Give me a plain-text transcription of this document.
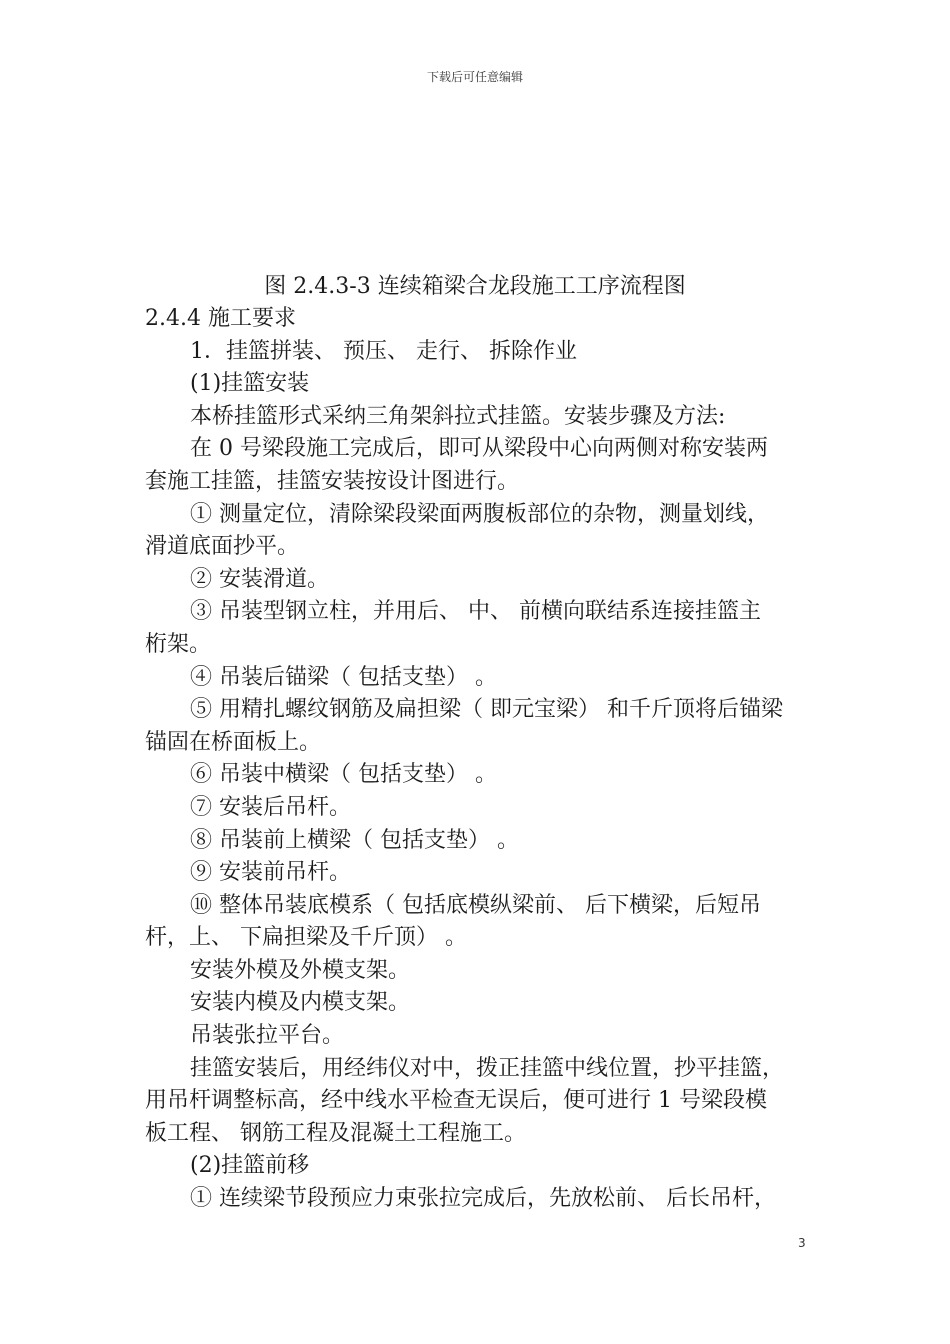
下载后可任意编辑
图 2.4.3-3 连续箱梁合龙段施工工序流程图
2.4.4 施工要求
1．挂篮拼装、 预压、 走行、 拆除作业
(1)挂篮安装
本桥挂篮形式采纳三角架斜拉式挂篮。安装步骤及方法:
在 0 号梁段施工完成后，即可从梁段中心向两侧对称安装两
套施工挂篮，挂篮安装按设计图进行。
① 测量定位，清除梁段梁面两腹板部位的杂物，测量划线，
滑道底面抄平。
② 安装滑道。
③ 吊装型钢立柱，并用后、 中、 前横向联结系连接挂篮主
桁架。
④ 吊装后锚梁（ 包括支垫） 。
⑤ 用精扎螺纹钢筋及扁担梁（ 即元宝梁） 和千斤顶将后锚梁
锚固在桥面板上。
⑥ 吊装中横梁（ 包括支垫） 。
⑦ 安装后吊杆。
⑧ 吊装前上横梁（ 包括支垫） 。
⑨ 安装前吊杆。
⑩ 整体吊装底模系（ 包括底模纵梁前、 后下横梁，后短吊
杆，上、 下扁担梁及千斤顶） 。
安装外模及外模支架。
安装内模及内模支架。
吊装张拉平台。
挂篮安装后，用经纬仪对中，拨正挂篮中线位置，抄平挂篮，
用吊杆调整标高，经中线水平检查无误后，便可进行 1 号梁段模
板工程、 钢筋工程及混凝土工程施工。
(2)挂篮前移
① 连续梁节段预应力束张拉完成后，先放松前、 后长吊杆，
3
